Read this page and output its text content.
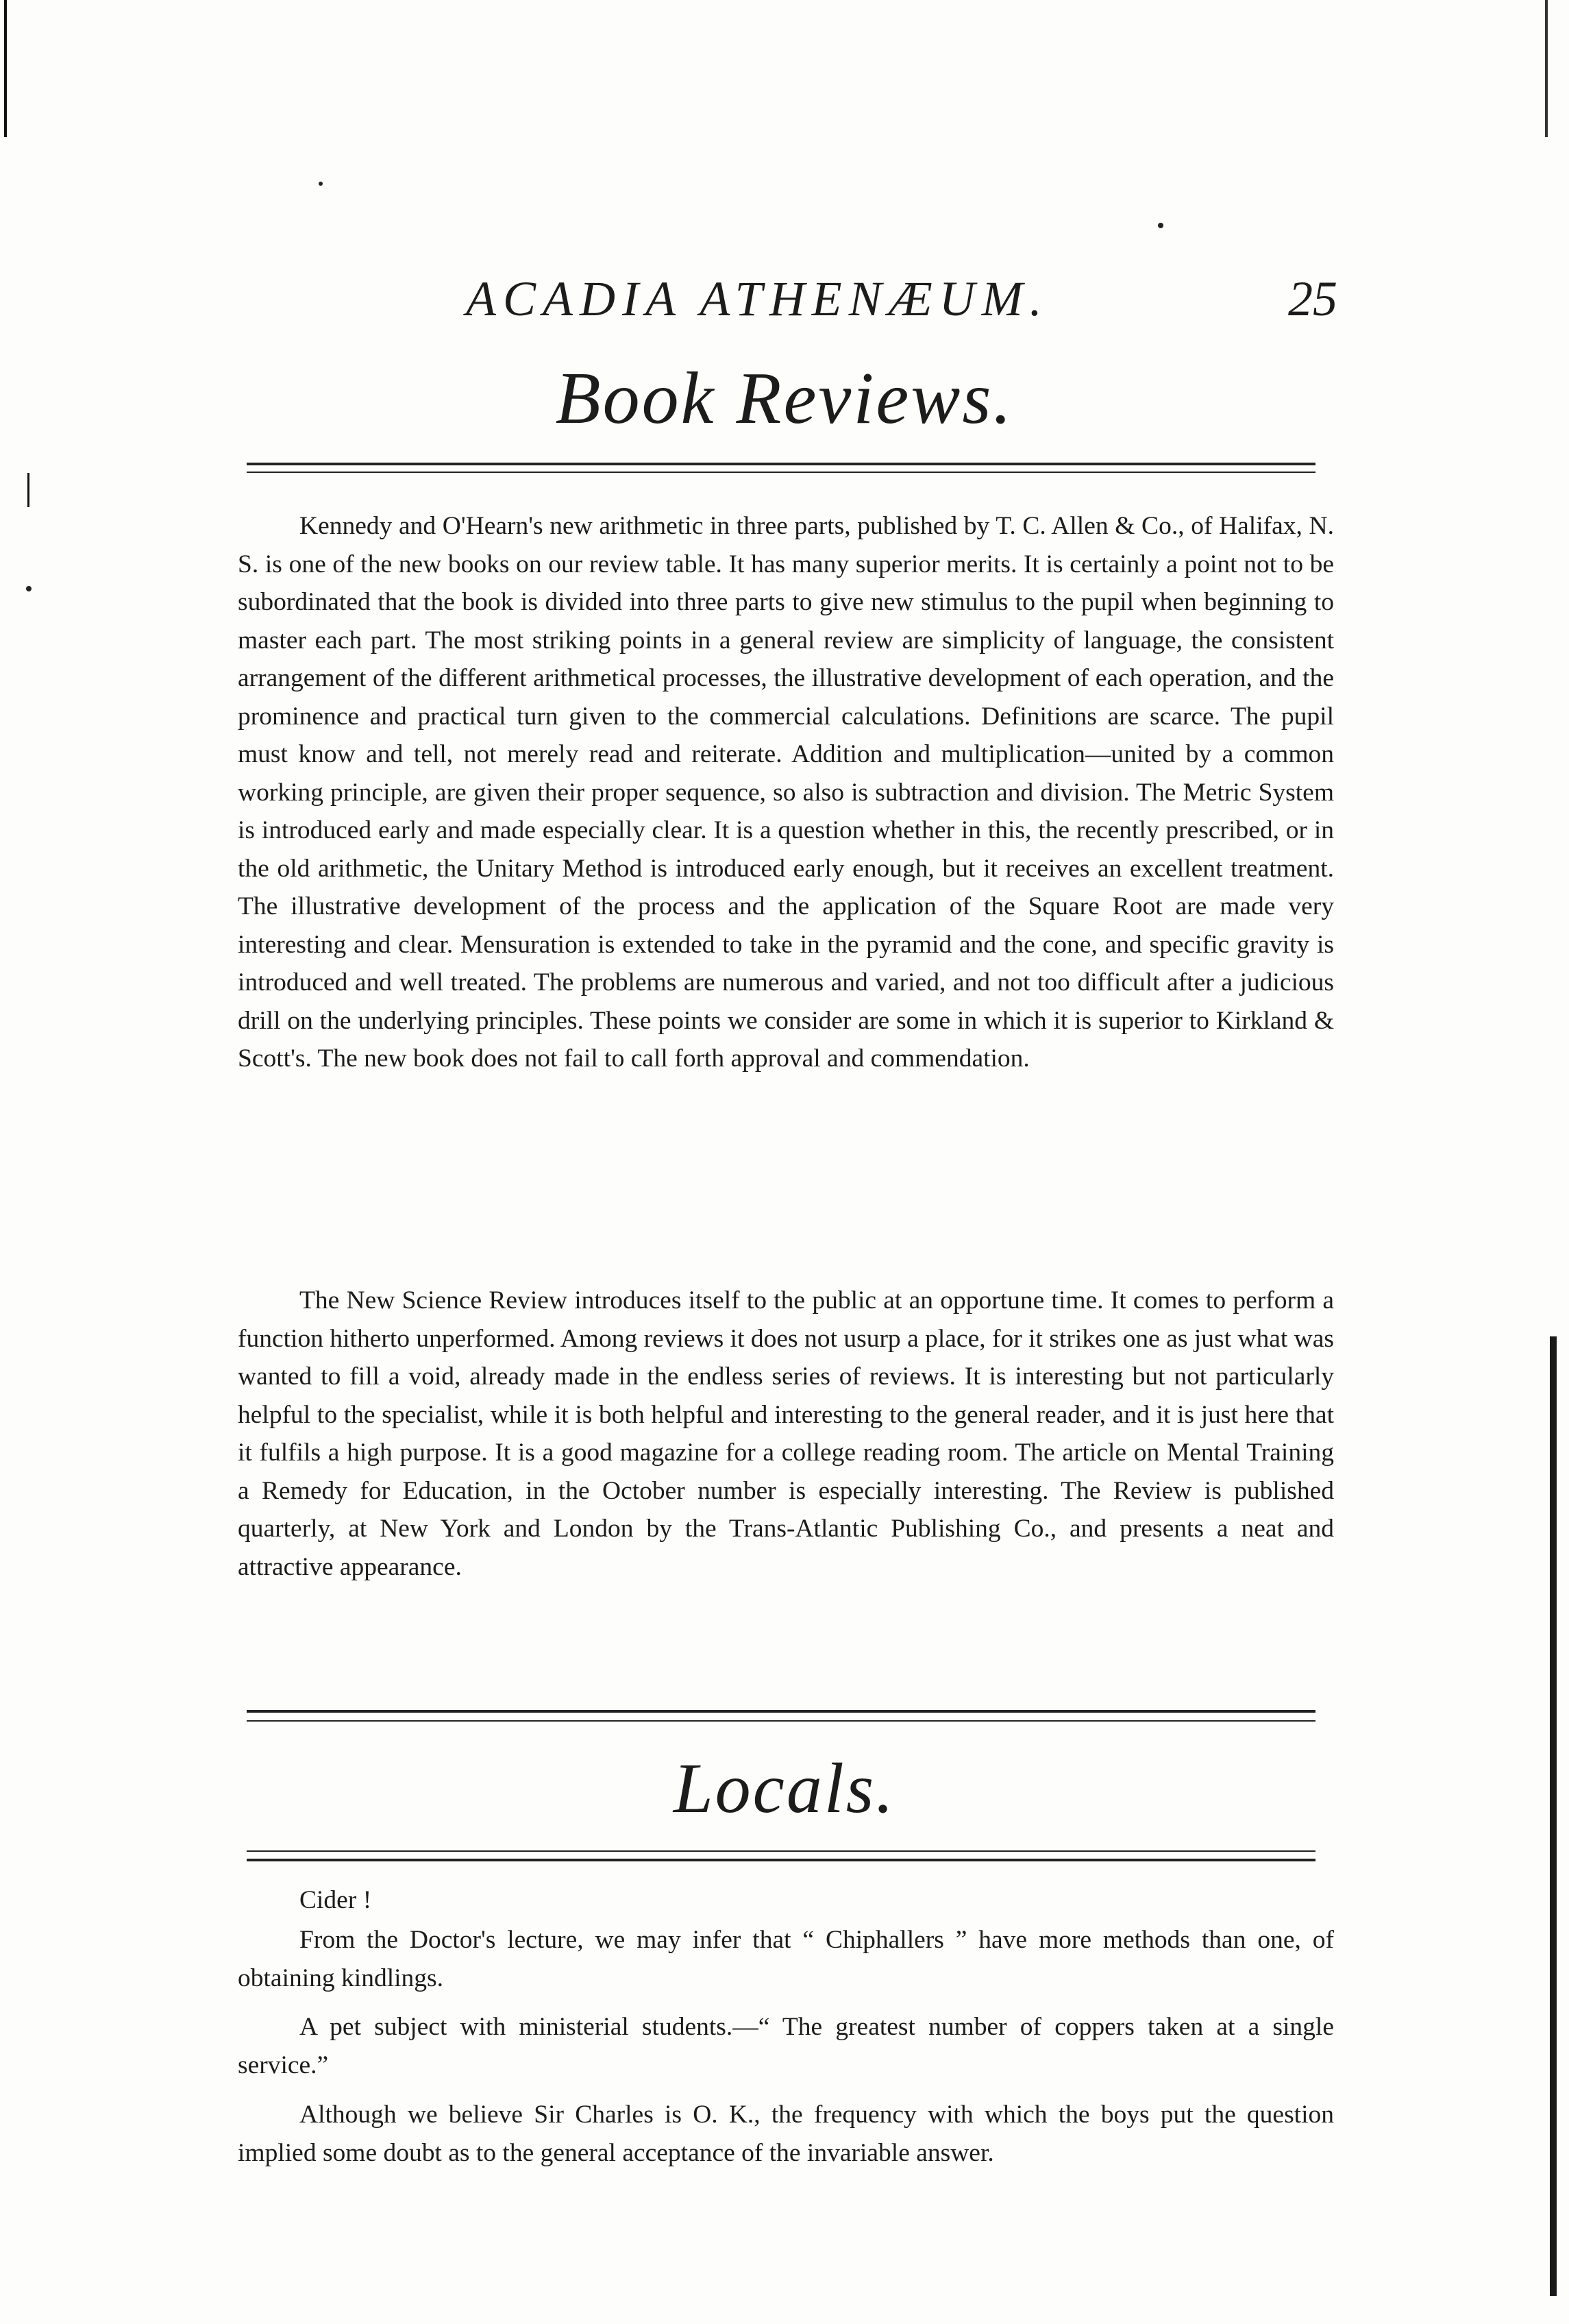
ACADIA ATHENÆUM.	25
Book Reviews.
Kennedy and O'Hearn's new arithmetic in three parts, published by T. C. Allen & Co., of Halifax, N. S. is one of the new books on our review table. It has many superior merits. It is certainly a point not to be subordinated that the book is divided into three parts to give new stimulus to the pupil when beginning to master each part. The most striking points in a general review are simplicity of language, the consistent arrangement of the different arithmetical processes, the illustrative development of each operation, and the prominence and practical turn given to the commercial calculations. Definitions are scarce. The pupil must know and tell, not merely read and reiterate. Addition and multiplication—united by a common working principle, are given their proper sequence, so also is subtraction and division. The Metric System is introduced early and made especially clear. It is a question whether in this, the recently prescribed, or in the old arithmetic, the Unitary Method is introduced early enough, but it receives an excellent treatment. The illustrative development of the process and the application of the Square Root are made very interesting and clear. Mensuration is extended to take in the pyramid and the cone, and specific gravity is introduced and well treated. The problems are numerous and varied, and not too difficult after a judicious drill on the underlying principles. These points we consider are some in which it is superior to Kirkland & Scott's. The new book does not fail to call forth approval and commendation.
The New Science Review introduces itself to the public at an opportune time. It comes to perform a function hitherto unperformed. Among reviews it does not usurp a place, for it strikes one as just what was wanted to fill a void, already made in the endless series of reviews. It is interesting but not particularly helpful to the specialist, while it is both helpful and interesting to the general reader, and it is just here that it fulfils a high purpose. It is a good magazine for a college reading room. The article on Mental Training a Remedy for Education, in the October number is especially interesting. The Review is published quarterly, at New York and London by the Trans-Atlantic Publishing Co., and presents a neat and attractive appearance.
Locals.
Cider !
From the Doctor's lecture, we may infer that “ Chiphallers ” have more methods than one, of obtaining kindlings.
A pet subject with ministerial students.—“ The greatest number of coppers taken at a single service.”
Although we believe Sir Charles is O. K., the frequency with which the boys put the question implied some doubt as to the general acceptance of the invariable answer.
